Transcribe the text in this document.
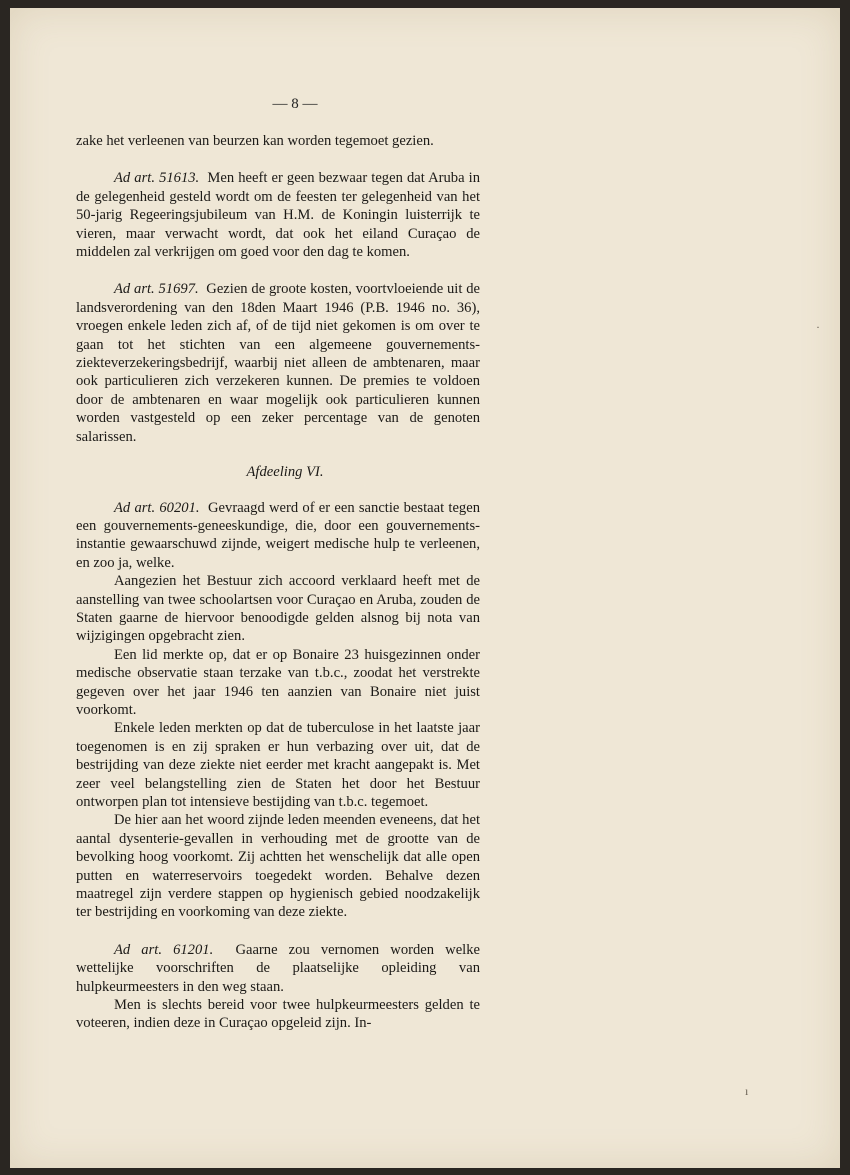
— 8 —

zake het verleenen van beurzen kan worden tegemoet gezien.

Ad art. 51613. Men heeft er geen bezwaar tegen dat Aruba in de gelegenheid gesteld wordt om de feesten ter gelegenheid van het 50-jarig Regeeringsjubileum van H.M. de Koningin luisterrijk te vieren, maar verwacht wordt, dat ook het eiland Curaçao de middelen zal verkrijgen om goed voor den dag te komen.

Ad art. 51697. Gezien de groote kosten, voortvloeiende uit de landsverordening van den 18den Maart 1946 (P.B. 1946 no. 36), vroegen enkele leden zich af, of de tijd niet gekomen is om over te gaan tot het stichten van een algemeene gouvernements-ziekteverzekeringsbedrijf, waarbij niet alleen de ambtenaren, maar ook particulieren zich verzekeren kunnen. De premies te voldoen door de ambtenaren en waar mogelijk ook particulieren kunnen worden vastgesteld op een zeker percentage van de genoten salarissen.

Afdeeling VI.

Ad art. 60201. Gevraagd werd of er een sanctie bestaat tegen een gouvernements-geneeskundige, die, door een gouvernements-instantie gewaarschuwd zijnde, weigert medische hulp te verleenen, en zoo ja, welke.

Aangezien het Bestuur zich accoord verklaard heeft met de aanstelling van twee schoolartsen voor Curaçao en Aruba, zouden de Staten gaarne de hiervoor benoodigde gelden alsnog bij nota van wijzigingen opgebracht zien.

Een lid merkte op, dat er op Bonaire 23 huisgezinnen onder medische observatie staan terzake van t.b.c., zoodat het verstrekte gegeven over het jaar 1946 ten aanzien van Bonaire niet juist voorkomt.

Enkele leden merkten op dat de tuberculose in het laatste jaar toegenomen is en zij spraken er hun verbazing over uit, dat de bestrijding van deze ziekte niet eerder met kracht aangepakt is. Met zeer veel belangstelling zien de Staten het door het Bestuur ontworpen plan tot intensieve bestijding van t.b.c. tegemoet.

De hier aan het woord zijnde leden meenden eveneens, dat het aantal dysenterie-gevallen in verhouding met de grootte van de bevolking hoog voorkomt. Zij achtten het wenschelijk dat alle open putten en waterreservoirs toegedekt worden. Behalve dezen maatregel zijn verdere stappen op hygienisch gebied noodzakelijk ter bestrijding en voorkoming van deze ziekte.

Ad art. 61201. Gaarne zou vernomen worden welke wettelijke voorschriften de plaatselijke opleiding van hulpkeurmeesters in den weg staan.

Men is slechts bereid voor twee hulpkeurmeesters gelden te voteeren, indien deze in Curaçao opgeleid zijn. In-

·
ı
